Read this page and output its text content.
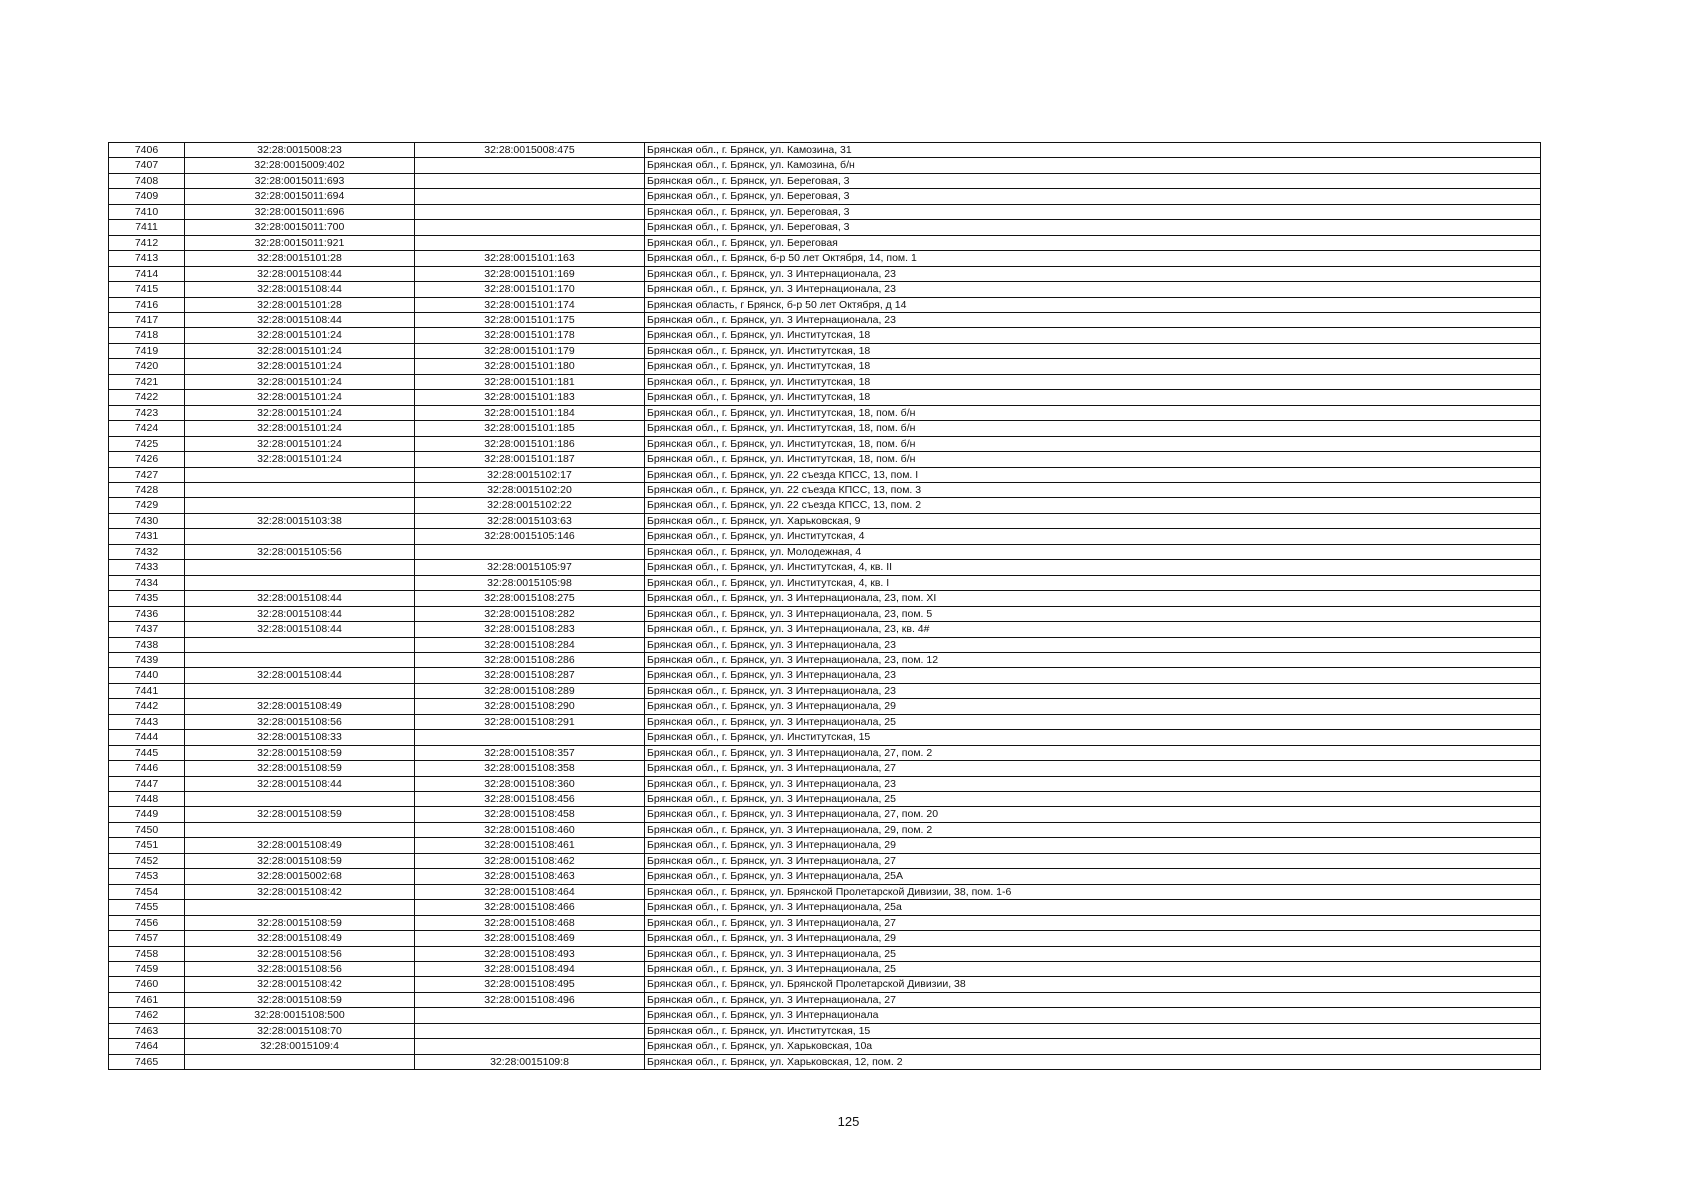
7406	32:28:0015008:23	32:28:0015008:475	Брянская обл., г. Брянск, ул. Камозина, 31
7407	32:28:0015009:402		Брянская обл., г. Брянск, ул. Камозина, б/н
7408	32:28:0015011:693		Брянская обл., г. Брянск, ул. Береговая, 3
7409	32:28:0015011:694		Брянская обл., г. Брянск, ул. Береговая, 3
7410	32:28:0015011:696		Брянская обл., г. Брянск, ул. Береговая, 3
7411	32:28:0015011:700		Брянская обл., г. Брянск, ул. Береговая, 3
7412	32:28:0015011:921		Брянская обл., г. Брянск, ул. Береговая
7413	32:28:0015101:28	32:28:0015101:163	Брянская обл., г. Брянск, б-р 50 лет Октября, 14, пом. 1
7414	32:28:0015108:44	32:28:0015101:169	Брянская обл., г. Брянск, ул. 3 Интернационала, 23
7415	32:28:0015108:44	32:28:0015101:170	Брянская обл., г. Брянск, ул. 3 Интернационала, 23
7416	32:28:0015101:28	32:28:0015101:174	Брянская область, г Брянск, б-р 50 лет Октября, д 14
7417	32:28:0015108:44	32:28:0015101:175	Брянская обл., г. Брянск, ул. 3 Интернационала, 23
7418	32:28:0015101:24	32:28:0015101:178	Брянская обл., г. Брянск, ул. Институтская, 18
7419	32:28:0015101:24	32:28:0015101:179	Брянская обл., г. Брянск, ул. Институтская, 18
7420	32:28:0015101:24	32:28:0015101:180	Брянская обл., г. Брянск, ул. Институтская, 18
7421	32:28:0015101:24	32:28:0015101:181	Брянская обл., г. Брянск, ул. Институтская, 18
7422	32:28:0015101:24	32:28:0015101:183	Брянская обл., г. Брянск, ул. Институтская, 18
7423	32:28:0015101:24	32:28:0015101:184	Брянская обл., г. Брянск, ул. Институтская, 18, пом. б/н
7424	32:28:0015101:24	32:28:0015101:185	Брянская обл., г. Брянск, ул. Институтская, 18, пом. б/н
7425	32:28:0015101:24	32:28:0015101:186	Брянская обл., г. Брянск, ул. Институтская, 18, пом. б/н
7426	32:28:0015101:24	32:28:0015101:187	Брянская обл., г. Брянск, ул. Институтская, 18, пом. б/н
7427		32:28:0015102:17	Брянская обл., г. Брянск, ул. 22 съезда КПСС, 13, пом. I
7428		32:28:0015102:20	Брянская обл., г. Брянск, ул. 22 съезда КПСС, 13, пом. 3
7429		32:28:0015102:22	Брянская обл., г. Брянск, ул. 22 съезда КПСС, 13, пом. 2
7430	32:28:0015103:38	32:28:0015103:63	Брянская обл., г. Брянск, ул. Харьковская, 9
7431		32:28:0015105:146	Брянская обл., г. Брянск, ул. Институтская, 4
7432	32:28:0015105:56		Брянская обл., г. Брянск, ул. Молодежная, 4
7433		32:28:0015105:97	Брянская обл., г. Брянск, ул. Институтская, 4, кв. II
7434		32:28:0015105:98	Брянская обл., г. Брянск, ул. Институтская, 4, кв. I
7435	32:28:0015108:44	32:28:0015108:275	Брянская обл., г. Брянск, ул. 3 Интернационала, 23, пом. XI
7436	32:28:0015108:44	32:28:0015108:282	Брянская обл., г. Брянск, ул. 3 Интернационала, 23, пом. 5
7437	32:28:0015108:44	32:28:0015108:283	Брянская обл., г. Брянск, ул. 3 Интернационала, 23, кв. 4#
7438		32:28:0015108:284	Брянская обл., г. Брянск, ул. 3 Интернационала, 23
7439		32:28:0015108:286	Брянская обл., г. Брянск, ул. 3 Интернационала, 23, пом. 12
7440	32:28:0015108:44	32:28:0015108:287	Брянская обл., г. Брянск, ул. 3 Интернационала, 23
7441		32:28:0015108:289	Брянская обл., г. Брянск, ул. 3 Интернационала, 23
7442	32:28:0015108:49	32:28:0015108:290	Брянская обл., г. Брянск, ул. 3 Интернационала, 29
7443	32:28:0015108:56	32:28:0015108:291	Брянская обл., г. Брянск, ул. 3 Интернационала, 25
7444	32:28:0015108:33		Брянская обл., г. Брянск, ул. Институтская, 15
7445	32:28:0015108:59	32:28:0015108:357	Брянская обл., г. Брянск, ул. 3 Интернационала, 27, пом. 2
7446	32:28:0015108:59	32:28:0015108:358	Брянская обл., г. Брянск, ул. 3 Интернационала, 27
7447	32:28:0015108:44	32:28:0015108:360	Брянская обл., г. Брянск, ул. 3 Интернационала, 23
7448		32:28:0015108:456	Брянская обл., г. Брянск, ул. 3 Интернационала, 25
7449	32:28:0015108:59	32:28:0015108:458	Брянская обл., г. Брянск, ул. 3 Интернационала, 27, пом. 20
7450		32:28:0015108:460	Брянская обл., г. Брянск, ул. 3 Интернационала, 29, пом. 2
7451	32:28:0015108:49	32:28:0015108:461	Брянская обл., г. Брянск, ул. 3 Интернационала, 29
7452	32:28:0015108:59	32:28:0015108:462	Брянская обл., г. Брянск, ул. 3 Интернационала, 27
7453	32:28:0015002:68	32:28:0015108:463	Брянская обл., г. Брянск, ул. 3 Интернационала, 25А
7454	32:28:0015108:42	32:28:0015108:464	Брянская обл., г. Брянск, ул. Брянской Пролетарской Дивизии, 38, пом. 1-6
7455		32:28:0015108:466	Брянская обл., г. Брянск, ул. 3 Интернационала, 25а
7456	32:28:0015108:59	32:28:0015108:468	Брянская обл., г. Брянск, ул. 3 Интернационала, 27
7457	32:28:0015108:49	32:28:0015108:469	Брянская обл., г. Брянск, ул. 3 Интернационала, 29
7458	32:28:0015108:56	32:28:0015108:493	Брянская обл., г. Брянск, ул. 3 Интернационала, 25
7459	32:28:0015108:56	32:28:0015108:494	Брянская обл., г. Брянск, ул. 3 Интернационала, 25
7460	32:28:0015108:42	32:28:0015108:495	Брянская обл., г. Брянск, ул. Брянской Пролетарской Дивизии, 38
7461	32:28:0015108:59	32:28:0015108:496	Брянская обл., г. Брянск, ул. 3 Интернационала, 27
7462	32:28:0015108:500		Брянская обл., г. Брянск, ул. 3 Интернационала
7463	32:28:0015108:70		Брянская обл., г. Брянск, ул. Институтская, 15
7464	32:28:0015109:4		Брянская обл., г. Брянск, ул. Харьковская, 10а
7465		32:28:0015109:8	Брянская обл., г. Брянск, ул. Харьковская, 12, пом. 2
125
